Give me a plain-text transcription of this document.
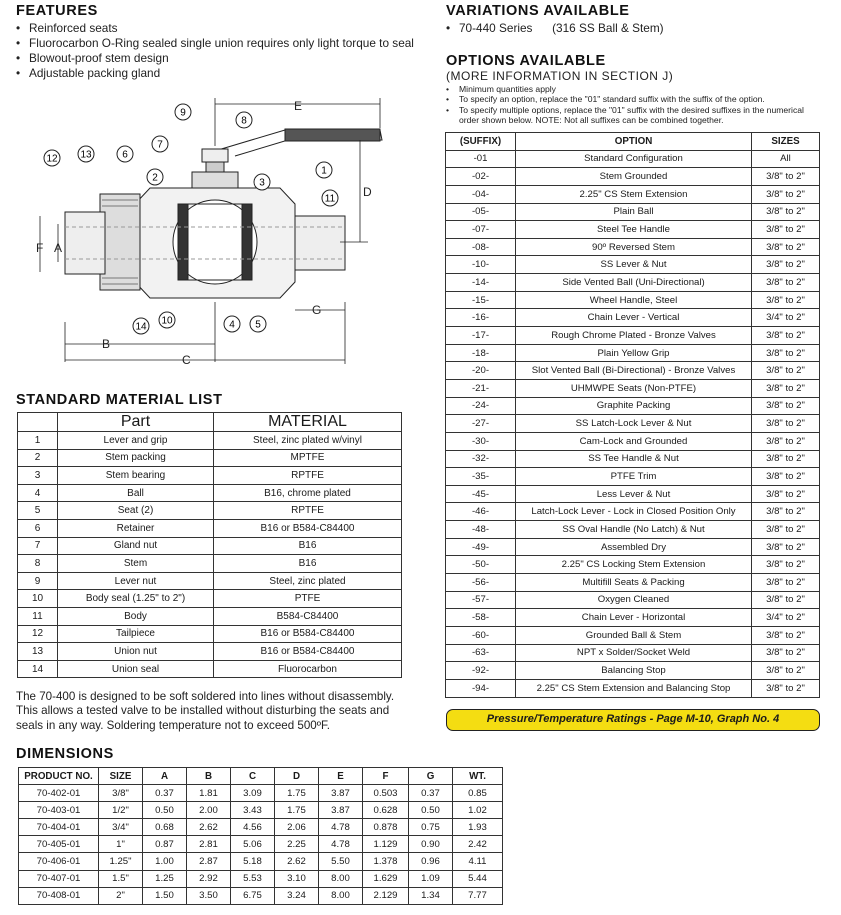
FEATURES
• Reinforced seats
• Fluorocarbon O-Ring sealed single union requires only light torque to seal
• Blowout-proof stem design
• Adjustable packing gland
VARIATIONS AVAILABLE
• 70-440 Series      (316 SS Ball & Stem)
OPTIONS AVAILABLE
(MORE INFORMATION IN SECTION J)
• Minimum quantities apply
• To specify an option, replace the "01" standard suffix with the suffix of the option.
• To specify multiple options, replace the "01" suffix with the desired suffixes in the numerical order shown below. NOTE: Not all suffixes can be combined together.
(SUFFIX)	OPTION	SIZES
-01	Standard Configuration	All
-02-	Stem Grounded	3/8" to 2"
-04-	2.25" CS Stem Extension	3/8" to 2"
-05-	Plain Ball	3/8" to 2"
-07-	Steel Tee Handle	3/8" to 2"
-08-	90º Reversed Stem	3/8" to 2"
-10-	SS Lever & Nut	3/8" to 2"
-14-	Side Vented Ball (Uni-Directional)	3/8" to 2"
-15-	Wheel Handle, Steel	3/8" to 2"
-16-	Chain Lever - Vertical	3/4" to 2"
-17-	Rough Chrome Plated - Bronze Valves	3/8" to 2"
-18-	Plain Yellow Grip	3/8" to 2"
-20-	Slot Vented Ball (Bi-Directional) - Bronze Valves	3/8" to 2"
-21-	UHMWPE Seats (Non-PTFE)	3/8" to 2"
-24-	Graphite Packing	3/8" to 2"
-27-	SS Latch-Lock Lever & Nut	3/8" to 2"
-30-	Cam-Lock and Grounded	3/8" to 2"
-32-	SS Tee Handle & Nut	3/8" to 2"
-35-	PTFE Trim	3/8" to 2"
-45-	Less Lever & Nut	3/8" to 2"
-46-	Latch-Lock Lever - Lock in Closed Position Only	3/8" to 2"
-48-	SS Oval Handle (No Latch) & Nut	3/8" to 2"
-49-	Assembled Dry	3/8" to 2"
-50-	2.25" CS Locking Stem Extension	3/8" to 2"
-56-	Multifill Seats & Packing	3/8" to 2"
-57-	Oxygen Cleaned	3/8" to 2"
-58-	Chain Lever - Horizontal	3/4" to 2"
-60-	Grounded Ball & Stem	3/8" to 2"
-63-	NPT x Solder/Socket Weld	3/8" to 2"
-92-	Balancing Stop	3/8" to 2"
-94-	2.25" CS Stem Extension and Balancing Stop	3/8" to 2"
Pressure/Temperature Ratings - Page M-10, Graph No. 4
E
D
F A
B
C
G
1
2	3
4 5
6
7
8
9
10
11
12 13
14
STANDARD MATERIAL LIST
	Part	MATERIAL
1	Lever and grip	Steel, zinc plated w/vinyl
2	Stem packing	MPTFE
3	Stem bearing	RPTFE
4	Ball	B16, chrome plated
5	Seat (2)	RPTFE
6	Retainer	B16 or B584-C84400
7	Gland nut	B16
8	Stem	B16
9	Lever nut	Steel, zinc plated
10	Body seal (1.25" to 2")	PTFE
11	Body	B584-C84400
12	Tailpiece	B16 or B584-C84400
13	Union nut	B16 or B584-C84400
14	Union seal	Fluorocarbon
The 70-400 is designed to be soft soldered into lines without disassembly. This allows a tested valve to be installed without disturbing the seats and seals in any way. Soldering temperature not to exceed 500ºF.
DIMENSIONS
PRODUCT NO.	SIZE	A	B	C	D	E	F	G	WT.
70-402-01	3/8"	0.37	1.81	3.09	1.75	3.87	0.503	0.37	0.85
70-403-01	1/2"	0.50	2.00	3.43	1.75	3.87	0.628	0.50	1.02
70-404-01	3/4"	0.68	2.62	4.56	2.06	4.78	0.878	0.75	1.93
70-405-01	1"	0.87	2.81	5.06	2.25	4.78	1.129	0.90	2.42
70-406-01	1.25"	1.00	2.87	5.18	2.62	5.50	1.378	0.96	4.11
70-407-01	1.5"	1.25	2.92	5.53	3.10	8.00	1.629	1.09	5.44
70-408-01	2"	1.50	3.50	6.75	3.24	8.00	2.129	1.34	7.77
